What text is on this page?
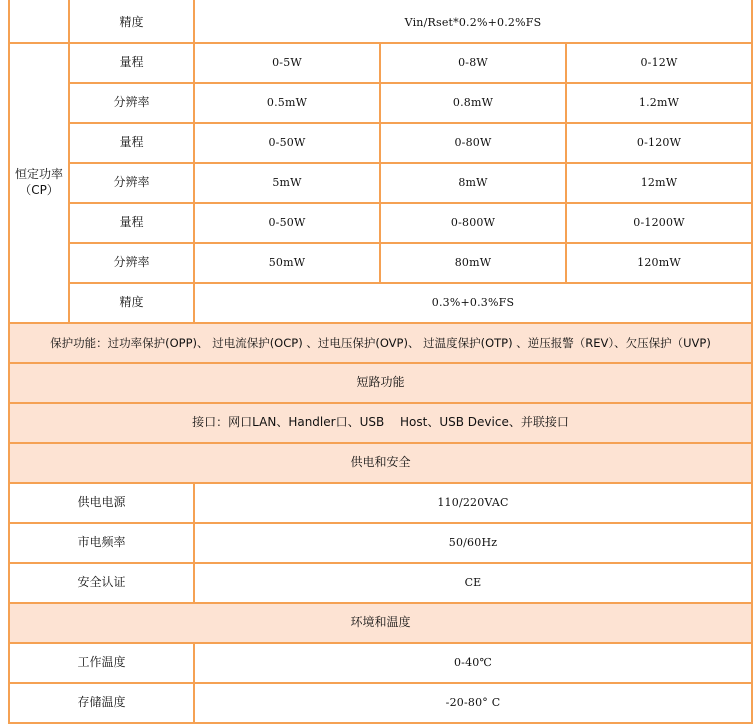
精度	Vin/Rset*0.2%+0.2%FS
恒定功率
（CP）
量程	0-5W	0-8W	0-12W
分辨率	0.5mW	0.8mW	1.2mW
量程	0-50W	0-80W	0-120W
分辨率	5mW	8mW	12mW
量程	0-50W	0-800W	0-1200W
分辨率	50mW	80mW	120mW
精度	0.3%+0.3%FS
保护功能：过功率保护(OPP)、 过电流保护(OCP) 、过电压保护(OVP)、 过温度保护(OTP) 、逆压报警（REV）、欠压保护（UVP)
短路功能
接口：网口LAN、Handler口、USB　 Host、USB Device、并联接口
供电和安全
供电电源	110/220VAC
市电频率	50/60Hz
安全认证	CE
环境和温度
工作温度	0-40℃
存储温度	-20-80° C
